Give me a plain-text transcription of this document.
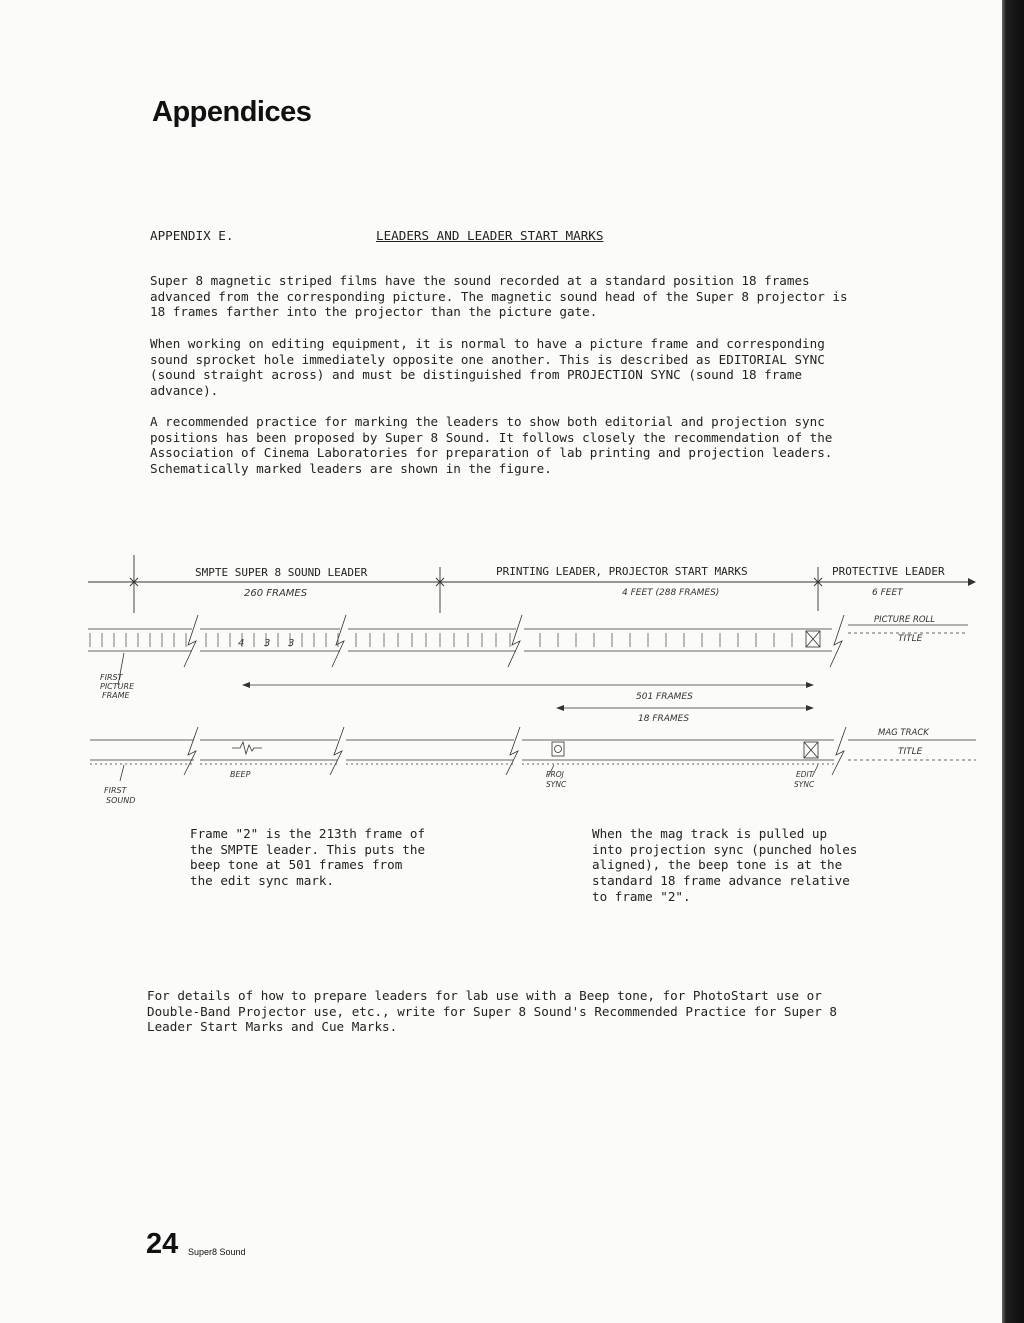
Appendices
APPENDIX E.	LEADERS AND LEADER START MARKS
Super 8 magnetic striped films have the sound recorded at a standard position 18 frames advanced from the corresponding picture. The magnetic sound head of the Super 8 projector is 18 frames farther into the projector than the picture gate.
When working on editing equipment, it is normal to have a picture frame and corresponding sound sprocket hole immediately opposite one another. This is described as EDITORIAL SYNC (sound straight across) and must be distinguished from PROJECTION SYNC (sound 18 frame advance).
A recommended practice for marking the leaders to show both editorial and projection sync positions has been proposed by Super 8 Sound. It follows closely the recommendation of the Association of Cinema Laboratories for preparation of lab printing and projection leaders. Schematically marked leaders are shown in the figure.
SMPTE SUPER 8 SOUND LEADER	PRINTING LEADER, PROJECTOR START MARKS	PROTECTIVE LEADER
260 FRAMES	4 FEET (288 FRAMES)	6 FEET
4 3 3
PICTURE ROLL
TITLE
FIRST
PICTURE
FRAME	501 FRAMES
18 FRAMES
MAG TRACK
TITLE
BEEP
FIRST
SOUND
PROJ
SYNC
EDIT
SYNC
Frame "2" is the 213th frame of the SMPTE leader. This puts the beep tone at 501 frames from the edit sync mark.
When the mag track is pulled up into projection sync (punched holes aligned), the beep tone is at the standard 18 frame advance relative to frame "2".
For details of how to prepare leaders for lab use with a Beep tone, for PhotoStart use or Double-Band Projector use, etc., write for Super 8 Sound's Recommended Practice for Super 8 Leader Start Marks and Cue Marks.
24 Super8 Sound
